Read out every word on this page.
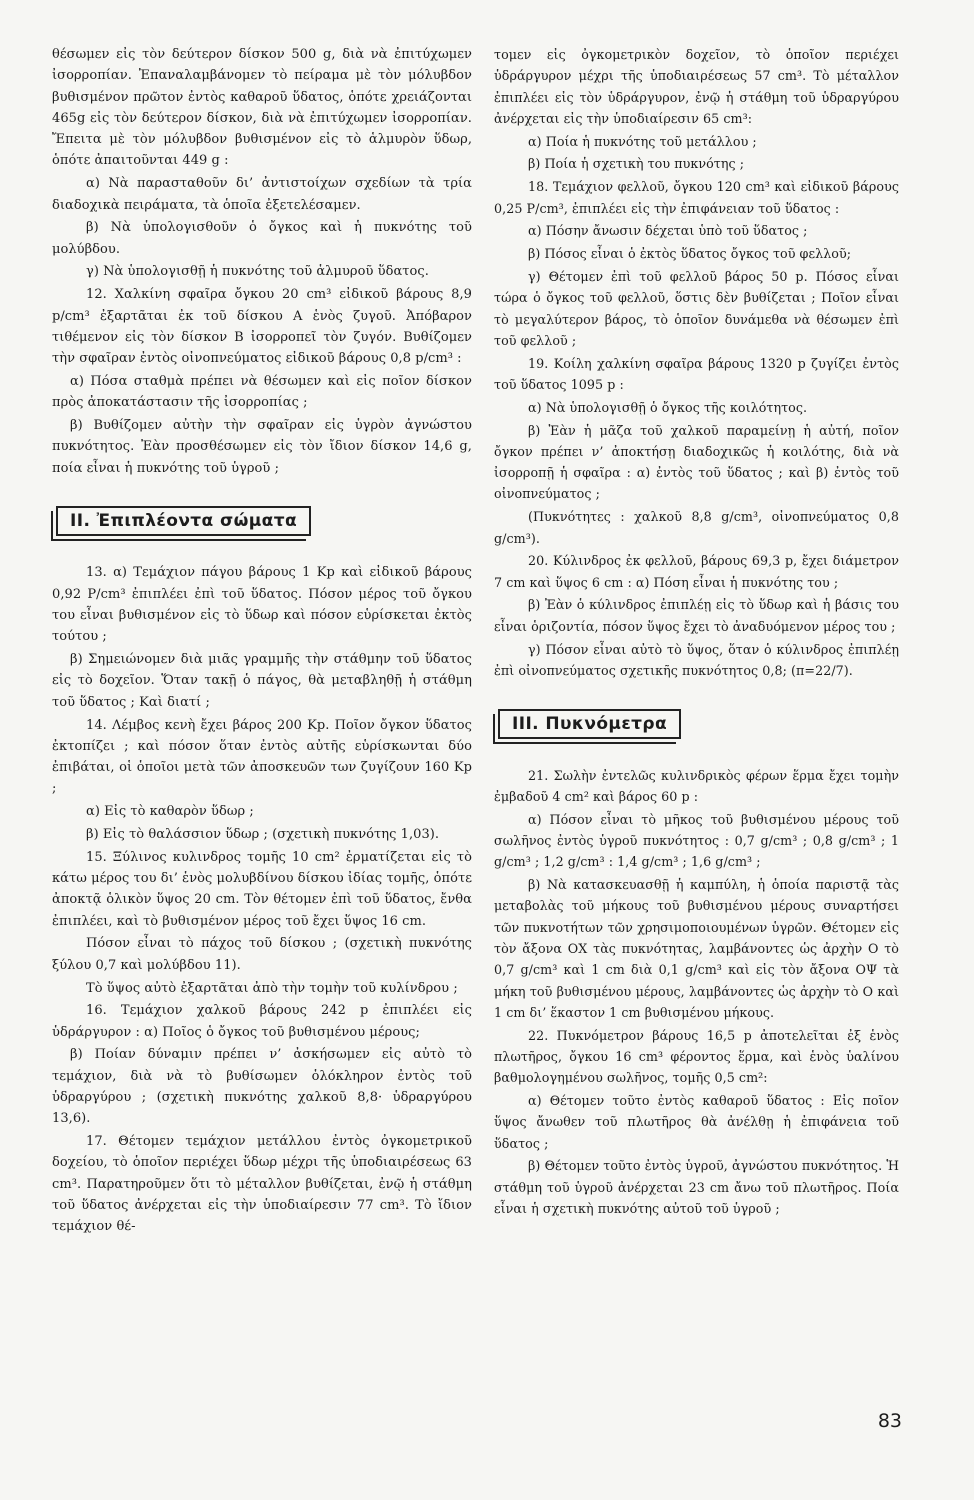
θέσωμεν εἰς τὸν δεύτερον δίσκον 500 g, διὰ νὰ ἐπιτύχωμεν ἰσορροπίαν. Ἐπαναλαμβάνομεν τὸ πείραμα μὲ τὸν μόλυβδον βυθισμένον πρῶτον ἐντὸς καθαροῦ ὕδατος, ὁπότε χρειάζονται 465g εἰς τὸν δεύτερον δίσκον, διὰ νὰ ἐπιτύχωμεν ἰσορροπίαν. Ἔπειτα μὲ τὸν μόλυβδον βυθισμένον εἰς τὸ ἁλμυρὸν ὕδωρ, ὁπότε ἀπαιτοῦνται 449 g :

α) Νὰ παρασταθοῦν δι’ ἀντιστοίχων σχεδίων τὰ τρία διαδοχικὰ πειράματα, τὰ ὁποῖα ἐξετελέσαμεν.

β) Νὰ ὑπολογισθοῦν ὁ ὄγκος καὶ ἡ πυκνότης τοῦ μολύβδου.

γ) Νὰ ὑπολογισθῇ ἡ πυκνότης τοῦ ἁλμυροῦ ὕδατος.

12. Χαλκίνη σφαῖρα ὄγκου 20 cm³ εἰδικοῦ βάρους 8,9 p/cm³ ἐξαρτᾶται ἐκ τοῦ δίσκου Α ἑνὸς ζυγοῦ. Ἀπόβαρον τιθέμενον εἰς τὸν δίσκον Β ἰσορροπεῖ τὸν ζυγόν. Βυθίζομεν τὴν σφαῖραν ἐντὸς οἰνοπνεύματος εἰδικοῦ βάρους 0,8 p/cm³ :

α) Πόσα σταθμὰ πρέπει νὰ θέσωμεν καὶ εἰς ποῖον δίσκον πρὸς ἀποκατάστασιν τῆς ἰσορροπίας ;

β) Βυθίζομεν αὐτὴν τὴν σφαῖραν εἰς ὑγρὸν ἀγνώστου πυκνότητος. Ἐὰν προσθέσωμεν εἰς τὸν ἴδιον δίσκον 14,6 g, ποία εἶναι ἡ πυκνότης τοῦ ὑγροῦ ;

II. Ἐπιπλέοντα σώματα

13. α) Τεμάχιον πάγου βάρους 1 Kp καὶ εἰδικοῦ βάρους 0,92 P/cm³ ἐπιπλέει ἐπὶ τοῦ ὕδατος. Πόσον μέρος τοῦ ὄγκου του εἶναι βυθισμένον εἰς τὸ ὕδωρ καὶ πόσον εὑρίσκεται ἐκτὸς τούτου ;

β) Σημειώνομεν διὰ μιᾶς γραμμῆς τὴν στάθμην τοῦ ὕδατος εἰς τὸ δοχεῖον. Ὅταν τακῇ ὁ πάγος, θὰ μεταβληθῇ ἡ στάθμη τοῦ ὕδατος ; Καὶ διατί ;

14. Λέμβος κενὴ ἔχει βάρος 200 Kp. Ποῖον ὄγκον ὕδατος ἐκτοπίζει ; καὶ πόσον ὅταν ἐντὸς αὐτῆς εὑρίσκωνται δύο ἐπιβάται, οἱ ὁποῖοι μετὰ τῶν ἀποσκευῶν των ζυγίζουν 160 Kp ;

α) Εἰς τὸ καθαρὸν ὕδωρ ;

β) Εἰς τὸ θαλάσσιον ὕδωρ ; (σχετικὴ πυκνότης 1,03).

15. Ξύλινος κυλινδρος τομῆς 10 cm² ἐρματίζεται εἰς τὸ κάτω μέρος του δι’ ἑνὸς μολυβδίνου δίσκου ἰδίας τομῆς, ὁπότε ἀποκτᾷ ὁλικὸν ὕψος 20 cm. Τὸν θέτομεν ἐπὶ τοῦ ὕδατος, ἔνθα ἐπιπλέει, καὶ τὸ βυθισμένον μέρος τοῦ ἔχει ὕψος 16 cm.

Πόσον εἶναι τὸ πάχος τοῦ δίσκου ; (σχετικὴ πυκνότης ξύλου 0,7 καὶ μολύβδου 11).

Τὸ ὕψος αὐτὸ ἐξαρτᾶται ἀπὸ τὴν τομὴν τοῦ κυλίνδρου ;

16. Τεμάχιον χαλκοῦ βάρους 242 p ἐπιπλέει εἰς ὑδράργυρον : α) Ποῖος ὁ ὄγκος τοῦ βυθισμένου μέρους;

β) Ποίαν δύναμιν πρέπει ν’ ἀσκήσωμεν εἰς αὐτὸ τὸ τεμάχιον, διὰ νὰ τὸ βυθίσωμεν ὁλόκληρον ἐντὸς τοῦ ὑδραργύρου ; (σχετικὴ πυκνότης χαλκοῦ 8,8· ὑδραργύρου 13,6).

17. Θέτομεν τεμάχιον μετάλλου ἐντὸς ὀγκομετρικοῦ δοχείου, τὸ ὁποῖον περιέχει ὕδωρ μέχρι τῆς ὑποδιαιρέσεως 63 cm³. Παρατηροῦμεν ὅτι τὸ μέταλλον βυθίζεται, ἐνῷ ἡ στάθμη τοῦ ὕδατος ἀνέρχεται εἰς τὴν ὑποδιαίρεσιν 77 cm³. Τὸ ἴδιον τεμάχιον θέ-

τομεν εἰς ὀγκομετρικὸν δοχεῖον, τὸ ὁποῖον περιέχει ὑδράργυρον μέχρι τῆς ὑποδιαιρέσεως 57 cm³. Τὸ μέταλλον ἐπιπλέει εἰς τὸν ὑδράργυρον, ἐνῷ ἡ στάθμη τοῦ ὑδραργύρου ἀνέρχεται εἰς τὴν ὑποδιαίρεσιν 65 cm³:

α) Ποία ἡ πυκνότης τοῦ μετάλλου ;

β) Ποία ἡ σχετικὴ του πυκνότης ;

18. Τεμάχιον φελλοῦ, ὄγκου 120 cm³ καὶ εἰδικοῦ βάρους 0,25 P/cm³, ἐπιπλέει εἰς τὴν ἐπιφάνειαν τοῦ ὕδατος :

α) Πόσην ἄνωσιν δέχεται ὑπὸ τοῦ ὕδατος ;

β) Πόσος εἶναι ὁ ἐκτὸς ὕδατος ὄγκος τοῦ φελλοῦ;

γ) Θέτομεν ἐπὶ τοῦ φελλοῦ βάρος 50 p. Πόσος εἶναι τώρα ὁ ὄγκος τοῦ φελλοῦ, ὅστις δὲν βυθίζεται ; Ποῖον εἶναι τὸ μεγαλύτερον βάρος, τὸ ὁποῖον δυνάμεθα νὰ θέσωμεν ἐπὶ τοῦ φελλοῦ ;

19. Κοίλη χαλκίνη σφαῖρα βάρους 1320 p ζυγίζει ἐντὸς τοῦ ὕδατος 1095 p :

α) Νὰ ὑπολογισθῇ ὁ ὄγκος τῆς κοιλότητος.

β) Ἐὰν ἡ μᾶζα τοῦ χαλκοῦ παραμείνῃ ἡ αὐτή, ποῖον ὄγκον πρέπει ν’ ἀποκτήσῃ διαδοχικῶς ἡ κοιλότης, διὰ νὰ ἰσορροπῇ ἡ σφαῖρα : α) ἐντὸς τοῦ ὕδατος ; καὶ β) ἐντὸς τοῦ οἰνοπνεύματος ;

(Πυκνότητες : χαλκοῦ 8,8 g/cm³, οἰνοπνεύματος 0,8 g/cm³).

20. Κύλινδρος ἐκ φελλοῦ, βάρους 69,3 p, ἔχει διάμετρον 7 cm καὶ ὕψος 6 cm : α) Πόση εἶναι ἡ πυκνότης του ;

β) Ἐὰν ὁ κύλινδρος ἐπιπλέῃ εἰς τὸ ὕδωρ καὶ ἡ βάσις του εἶναι ὁριζοντία, πόσον ὕψος ἔχει τὸ ἀναδυόμενον μέρος του ;

γ) Πόσον εἶναι αὐτὸ τὸ ὕψος, ὅταν ὁ κύλινδρος ἐπιπλέῃ ἐπὶ οἰνοπνεύματος σχετικῆς πυκνότητος 0,8; (π=22/7).

III. Πυκνόμετρα

21. Σωλὴν ἐντελῶς κυλινδρικὸς φέρων ἕρμα ἔχει τομὴν ἐμβαδοῦ 4 cm² καὶ βάρος 60 p :

α) Πόσον εἶναι τὸ μῆκος τοῦ βυθισμένου μέρους τοῦ σωλῆνος ἐντὸς ὑγροῦ πυκνότητος : 0,7 g/cm³ ; 0,8 g/cm³ ; 1 g/cm³ ; 1,2 g/cm³ : 1,4 g/cm³ ; 1,6 g/cm³ ;

β) Νὰ κατασκευασθῇ ἡ καμπύλη, ἡ ὁποία παριστᾷ τὰς μεταβολὰς τοῦ μήκους τοῦ βυθισμένου μέρους συναρτήσει τῶν πυκνοτήτων τῶν χρησιμοποιουμένων ὑγρῶν. Θέτομεν εἰς τὸν ἄξονα ΟΧ τὰς πυκνότητας, λαμβάνοντες ὡς ἀρχὴν Ο τὸ 0,7 g/cm³ καὶ 1 cm διὰ 0,1 g/cm³ καὶ εἰς τὸν ἄξονα ΟΨ τὰ μήκη τοῦ βυθισμένου μέρους, λαμβάνοντες ὡς ἀρχὴν τὸ Ο καὶ 1 cm δι’ ἕκαστον 1 cm βυθισμένου μήκους.

22. Πυκνόμετρον βάρους 16,5 p ἀποτελεῖται ἐξ ἑνὸς πλωτῆρος, ὄγκου 16 cm³ φέροντος ἕρμα, καὶ ἑνὸς ὑαλίνου βαθμολογημένου σωλῆνος, τομῆς 0,5 cm²:

α) Θέτομεν τοῦτο ἐντὸς καθαροῦ ὕδατος : Εἰς ποῖον ὕψος ἄνωθεν τοῦ πλωτῆρος θὰ ἀνέλθῃ ἡ ἐπιφάνεια τοῦ ὕδατος ;

β) Θέτομεν τοῦτο ἐντὸς ὑγροῦ, ἀγνώστου πυκνότητος. Ἡ στάθμη τοῦ ὑγροῦ ἀνέρχεται 23 cm ἄνω τοῦ πλωτῆρος. Ποία εἶναι ἡ σχετικὴ πυκνότης αὐτοῦ τοῦ ὑγροῦ ;

83
